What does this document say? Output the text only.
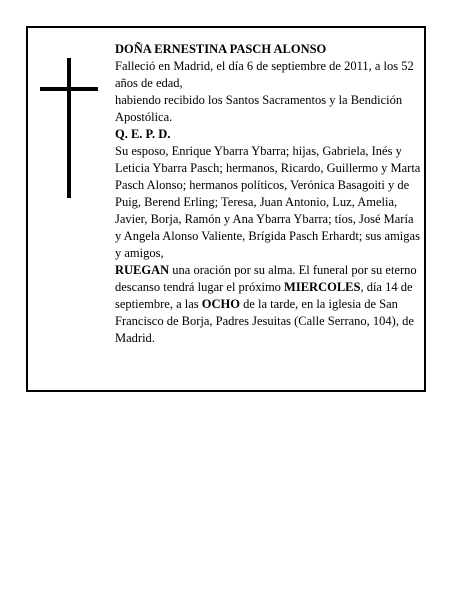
DOÑA ERNESTINA PASCH ALONSO

Falleció en Madrid, el día 6 de septiembre de 2011, a los 52 años de edad,

habiendo recibido los Santos Sacramentos y la Bendición Apostólica.

Q. E. P. D.

Su esposo, Enrique Ybarra Ybarra; hijas, Gabriela, Inés y Leticia Ybarra Pasch; hermanos, Ricardo, Guillermo y Marta Pasch Alonso; hermanos políticos, Verónica Basagoiti y de Puig, Berend Erling; Teresa, Juan Antonio, Luz, Amelia, Javier, Borja, Ramón y Ana Ybarra Ybarra; tíos, José María y Angela Alonso Valiente, Brígida Pasch Erhardt; sus amigas y amigos,

RUEGAN una oración por su alma. El funeral por su eterno descanso tendrá lugar el próximo MIERCOLES, día 14 de septiembre, a las OCHO de la tarde, en la iglesia de San Francisco de Borja, Padres Jesuitas (Calle Serrano, 104), de Madrid.
